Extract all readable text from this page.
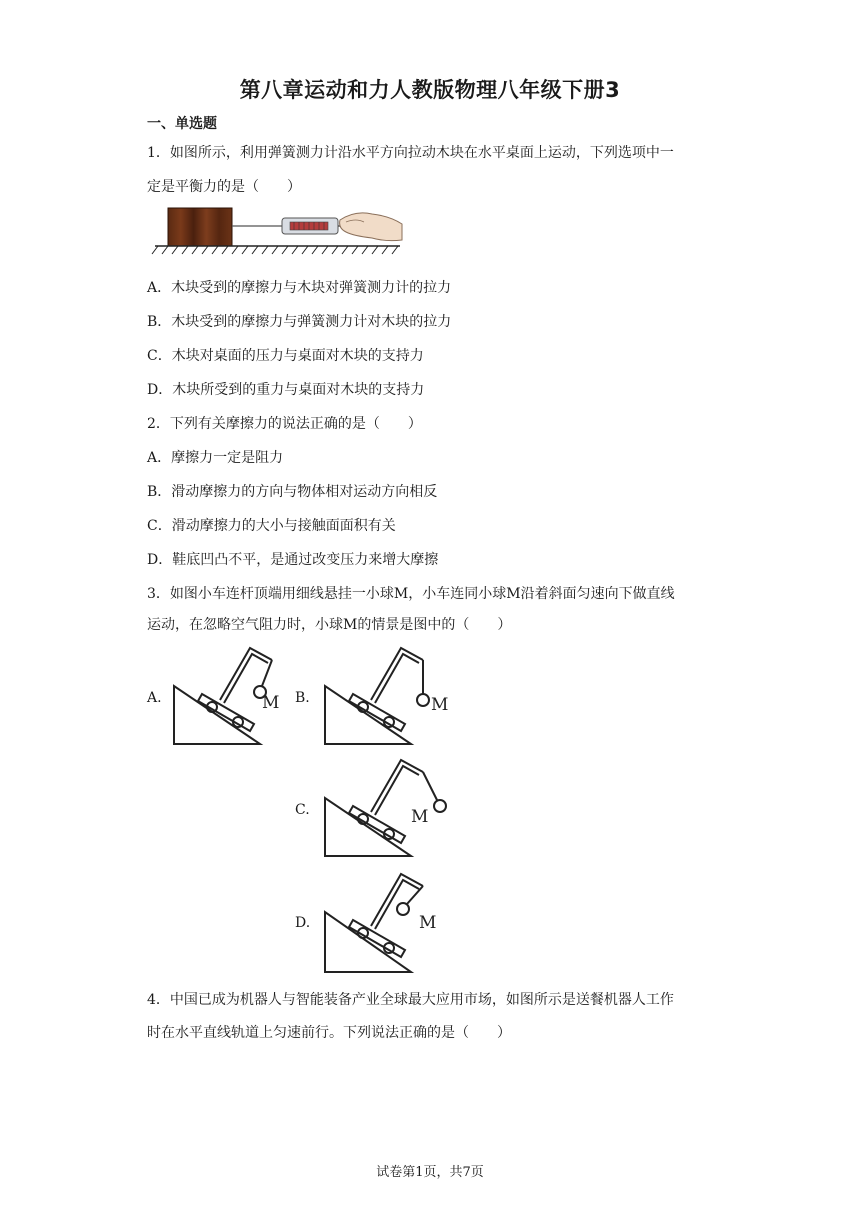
第八章运动和力人教版物理八年级下册3
一、单选题
1．如图所示，利用弹簧测力计沿水平方向拉动木块在水平桌面上运动，下列选项中一
定是平衡力的是（　　）
A．木块受到的摩擦力与木块对弹簧测力计的拉力
B．木块受到的摩擦力与弹簧测力计对木块的拉力
C．木块对桌面的压力与桌面对木块的支持力
D．木块所受到的重力与桌面对木块的支持力
2．下列有关摩擦力的说法正确的是（　　）
A．摩擦力一定是阻力
B．滑动摩擦力的方向与物体相对运动方向相反
C．滑动摩擦力的大小与接触面面积有关
D．鞋底凹凸不平，是通过改变压力来增大摩擦
3．如图小车连杆顶端用细线悬挂一小球M，小车连同小球M沿着斜面匀速向下做直线
运动，在忽略空气阻力时，小球M的情景是图中的（　　）
A.	B.
C.
D.
M	M
M
M
4．中国已成为机器人与智能装备产业全球最大应用市场，如图所示是送餐机器人工作
时在水平直线轨道上匀速前行。下列说法正确的是（　　）
试卷第1页，共7页
